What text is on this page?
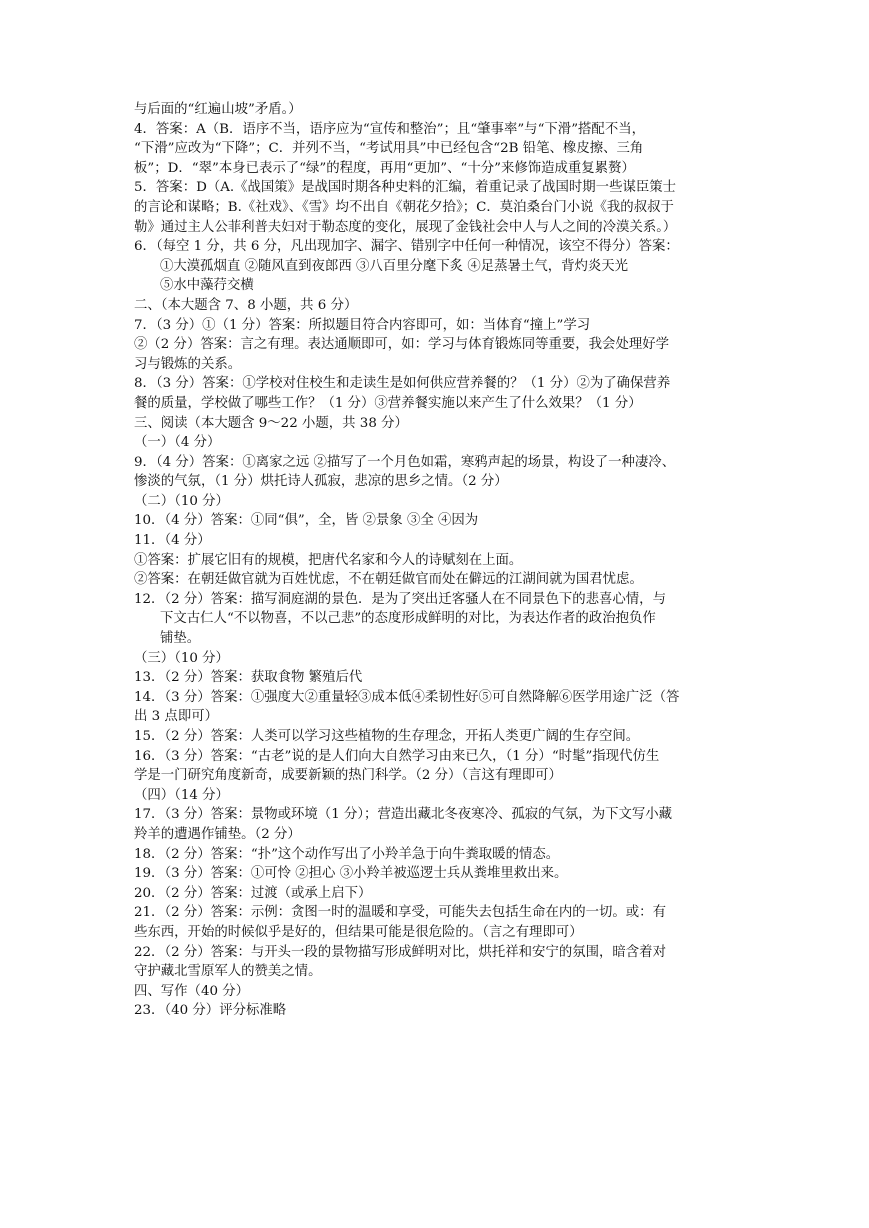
与后面的“红遍山坡”矛盾。）
4．答案：A（B．语序不当，语序应为“宣传和整治”；且“肇事率”与“下滑”搭配不当，
“下滑”应改为“下降”；C．并列不当，“考试用具”中已经包含“2B 铅笔、橡皮擦、三角
板”；D．“翠”本身已表示了“绿”的程度，再用“更加”、“十分”来修饰造成重复累赘）
5．答案：D（A.《战国策》是战国时期各种史料的汇编，着重记录了战国时期一些谋臣策士
的言论和谋略；B.《社戏》、《雪》均不出自《朝花夕拾》；C．莫泊桑台门小说《我的叔叔于
勒》通过主人公菲利普夫妇对于勒态度的变化，展现了金钱社会中人与人之间的冷漠关系。）
6．（每空 1 分，共 6 分，凡出现加字、漏字、错别字中任何一种情况，该空不得分）答案：
①大漠孤烟直 ②随风直到夜郎西 ③八百里分麾下炙 ④足蒸暑土气，背灼炎天光
⑤水中藻荇交横
二、（本大题含 7、8 小题，共 6 分）
7．（3 分）①（1 分）答案：所拟题目符合内容即可，如：当体育“撞上”学习
②（2 分）答案：言之有理。表达通顺即可，如：学习与体育锻炼同等重要，我会处理好学
习与锻炼的关系。
8．（3 分）答案：①学校对住校生和走读生是如何供应营养餐的？（1 分）②为了确保营养
餐的质量，学校做了哪些工作？（1 分）③营养餐实施以来产生了什么效果？（1 分）
三、阅读（本大题含 9～22 小题，共 38 分）
（一）（4 分）
9．（4 分）答案：①离家之远 ②描写了一个月色如霜，寒鸦声起的场景，构设了一种凄冷、
惨淡的气氛，（1 分）烘托诗人孤寂，悲凉的思乡之情。（2 分）
（二）（10 分）
10．（4 分）答案：①同“俱”，全，皆 ②景象 ③全 ④因为
11．（4 分）
①答案：扩展它旧有的规模，把唐代名家和今人的诗赋刻在上面。
②答案：在朝廷做官就为百姓忧虑，不在朝廷做官而处在僻远的江湖间就为国君忧虑。
12．（2 分）答案：描写洞庭湖的景色．是为了突出迁客骚人在不同景色下的悲喜心情，与
下文古仁人“不以物喜，不以己悲”的态度形成鲜明的对比，为表达作者的政治抱负作
铺垫。
（三）（10 分）
13．（2 分）答案：获取食物 繁殖后代
14．（3 分）答案：①强度大②重量轻③成本低④柔韧性好⑤可自然降解⑥医学用途广泛（答
出 3 点即可）
15．（2 分）答案：人类可以学习这些植物的生存理念，开拓人类更广阔的生存空间。
16．（3 分）答案：“古老”说的是人们向大自然学习由来已久，（1 分）“时髦”指现代仿生
学是一门研究角度新奇，成要新颖的热门科学。（2 分）（言这有理即可）
（四）（14 分）
17．（3 分）答案：景物或环境（1 分）；营造出藏北冬夜寒冷、孤寂的气氛，为下文写小藏
羚羊的遭遇作铺垫。（2 分）
18．（2 分）答案：“扑”这个动作写出了小羚羊急于向牛粪取暖的情态。
19．（3 分）答案：①可怜 ②担心 ③小羚羊被巡逻士兵从粪堆里救出来。
20．（2 分）答案：过渡（或承上启下）
21．（2 分）答案：示例：贪图一时的温暖和享受，可能失去包括生命在内的一切。或：有
些东西，开始的时候似乎是好的，但结果可能是很危险的。（言之有理即可）
22．（2 分）答案：与开头一段的景物描写形成鲜明对比，烘托祥和安宁的氛围，暗含着对
守护藏北雪原军人的赞美之情。
四、写作（40 分）
23．（40 分）评分标准略
